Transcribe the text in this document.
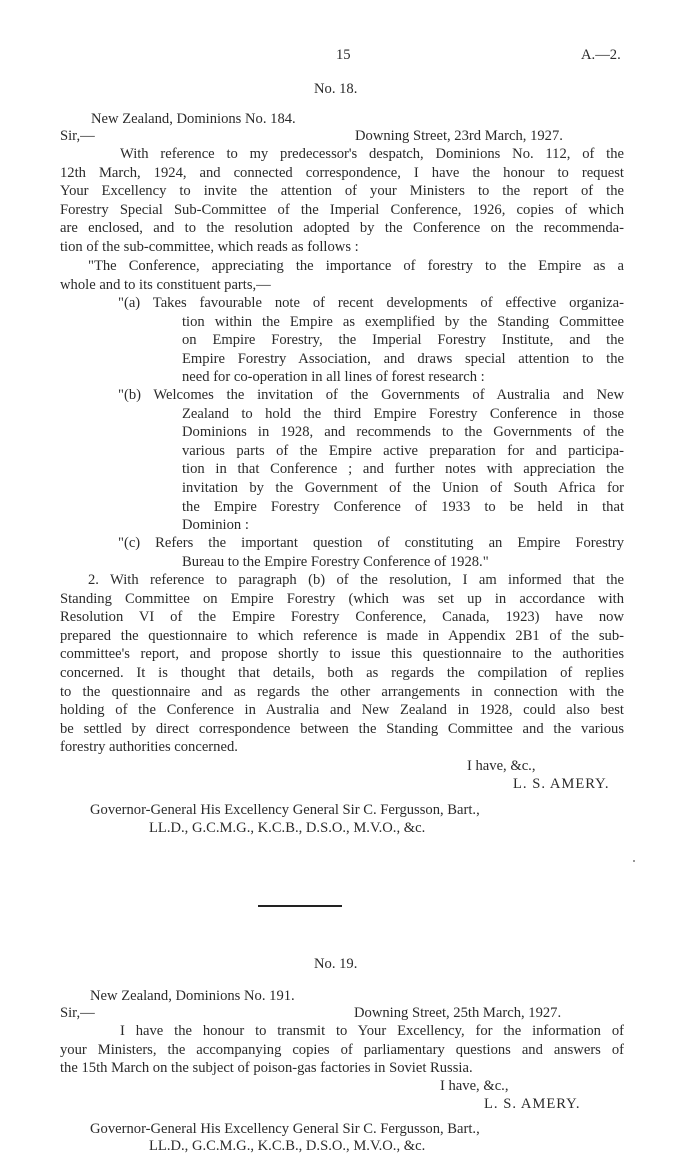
15	A.—2.
No. 18.
New Zealand, Dominions No. 184.
Sir,—	Downing Street, 23rd March, 1927.
With reference to my predecessor's despatch, Dominions No. 112, of the
12th March, 1924, and connected correspondence, I have the honour to request
Your Excellency to invite the attention of your Ministers to the report of the
Forestry Special Sub-Committee of the Imperial Conference, 1926, copies of which
are enclosed, and to the resolution adopted by the Conference on the recommenda-
tion of the sub-committee, which reads as follows :
"The Conference, appreciating the importance of forestry to the Empire as a
whole and to its constituent parts,—
"(a) Takes favourable note of recent developments of effective organiza-
tion within the Empire as exemplified by the Standing Committee
on Empire Forestry, the Imperial Forestry Institute, and the
Empire Forestry Association, and draws special attention to the
need for co-operation in all lines of forest research :
"(b) Welcomes the invitation of the Governments of Australia and New
Zealand to hold the third Empire Forestry Conference in those
Dominions in 1928, and recommends to the Governments of the
various parts of the Empire active preparation for and participa-
tion in that Conference ; and further notes with appreciation the
invitation by the Government of the Union of South Africa for
the Empire Forestry Conference of 1933 to be held in that
Dominion :
"(c) Refers the important question of constituting an Empire Forestry
Bureau to the Empire Forestry Conference of 1928."
2. With reference to paragraph (b) of the resolution, I am informed that the
Standing Committee on Empire Forestry (which was set up in accordance with
Resolution VI of the Empire Forestry Conference, Canada, 1923) have now
prepared the questionnaire to which reference is made in Appendix 2B1 of the sub-
committee's report, and propose shortly to issue this questionnaire to the authorities
concerned. It is thought that details, both as regards the compilation of replies
to the questionnaire and as regards the other arrangements in connection with the
holding of the Conference in Australia and New Zealand in 1928, could also best
be settled by direct correspondence between the Standing Committee and the various
forestry authorities concerned.
I have, &c.,
L. S. AMERY.
Governor-General His Excellency General Sir C. Fergusson, Bart.,
LL.D., G.C.M.G., K.C.B., D.S.O., M.V.O., &c.
No. 19.
New Zealand, Dominions No. 191.
Sir,—	Downing Street, 25th March, 1927.
I have the honour to transmit to Your Excellency, for the information of
your Ministers, the accompanying copies of parliamentary questions and answers of
the 15th March on the subject of poison-gas factories in Soviet Russia.
I have, &c.,
L. S. AMERY.
Governor-General His Excellency General Sir C. Fergusson, Bart.,
LL.D., G.C.M.G., K.C.B., D.S.O., M.V.O., &c.
